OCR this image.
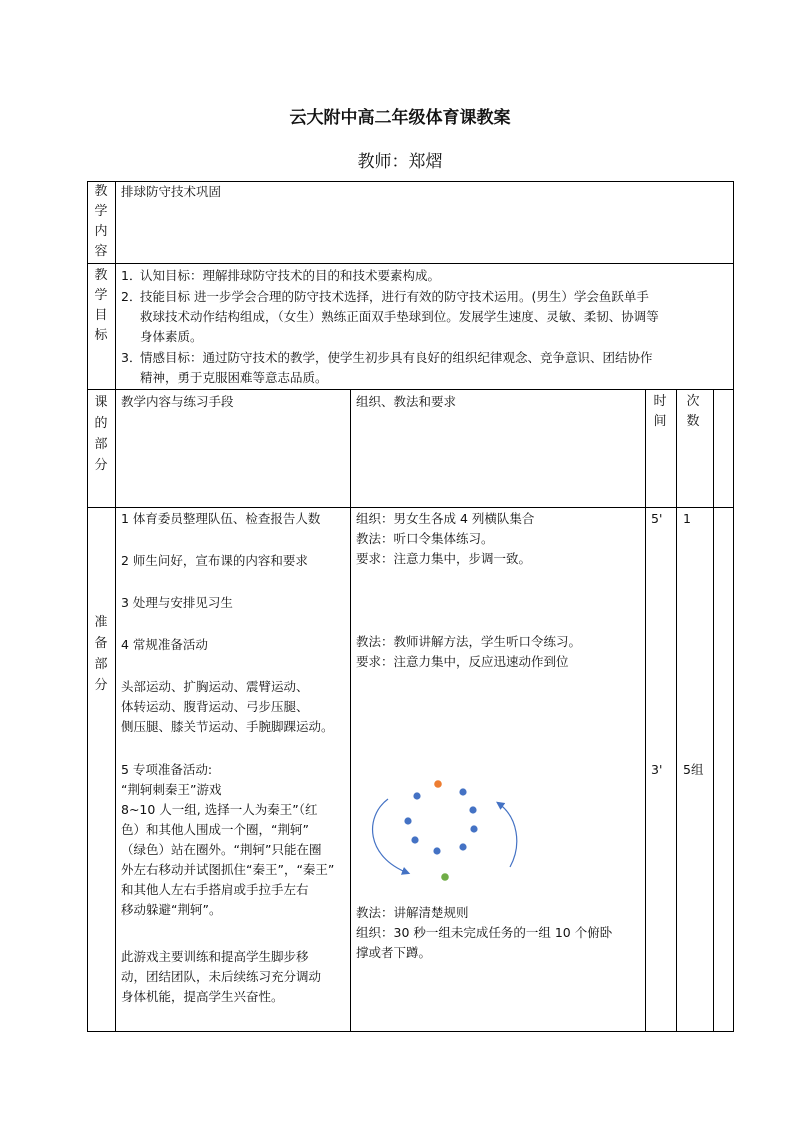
云大附中高二年级体育课教案
教师：郑熠
教
学
内
容
排球防守技术巩固
教
学
目
标
1．
认知目标：理解排球防守技术的目的和技术要素构成。
2．
技能目标 进一步学会合理的防守技术选择，进行有效的防守技术运用。(男生）学会鱼跃单手
救球技术动作结构组成，（女生）熟练正面双手垫球到位。发展学生速度、灵敏、柔韧、协调等
身体素质。
3．
情感目标：通过防守技术的教学，使学生初步具有良好的组织纪律观念、竞争意识、团结协作
精神，勇于克服困难等意志品质。
课
的
部
分
教学内容与练习手段	组织、教法和要求	时
间
次
数
准
备
部
分
1 体育委员整理队伍、检查报告人数
2 师生问好，宣布课的内容和要求
3 处理与安排见习生
4 常规准备活动
头部运动、扩胸运动、震臂运动、
体转运动、腹背运动、弓步压腿、
侧压腿、膝关节运动、手腕脚踝运动。
5 专项准备活动:
“荆轲刺秦王”游戏
8~10 人一组, 选择一人为秦王”（红
色）和其他人围成一个圈，“荆轲”
（绿色）站在圈外。“荆轲”只能在圈
外左右移动并试图抓住“秦王”，“秦王”
和其他人左右手搭肩或手拉手左右
移动躲避“荆轲”。
此游戏主要训练和提高学生脚步移
动，团结团队，未后续练习充分调动
身体机能，提高学生兴奋性。
组织：男女生各成 4 列横队集合
教法：听口令集体练习。
要求：注意力集中，步调一致。
教法：教师讲解方法，学生听口令练习。
要求：注意力集中，反应迅速动作到位
教法：讲解清楚规则
组织：30 秒一组未完成任务的一组 10 个俯卧
撑或者下蹲。
5' 1
3' 5组
